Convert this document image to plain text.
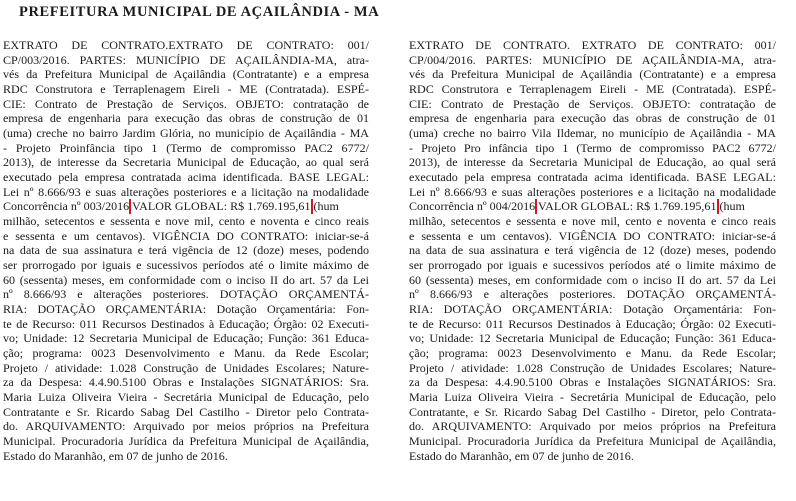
PREFEITURA MUNICIPAL DE AÇAILÂNDIA - MA
EXTRATO DE CONTRATO.EXTRATO DE CONTRATO: 001/
CP/003/2016. PARTES: MUNICÍPIO DE AÇAILÂNDIA-MA, atra-
vés da Prefeitura Municipal de Açailândia (Contratante) e a empresa
RDC Construtora e Terraplenagem Eireli - ME (Contratada). ESPÉ-
CIE: Contrato de Prestação de Serviços. OBJETO: contratação de
empresa de engenharia para execução das obras de construção de 01
(uma) creche no bairro Jardim Glória, no município de Açailândia - MA
- Projeto Proinfância tipo 1 (Termo de compromisso PAC2 6772/
2013), de interesse da Secretaria Municipal de Educação, ao qual será
executado pela empresa contratada acima identificada. BASE LEGAL:
Lei nº 8.666/93 e suas alterações posteriores e a licitação na modalidade
Concorrência nº 003/2016 VALOR GLOBAL: R$ 1.769.195,61 (hum
milhão, setecentos e sessenta e nove mil, cento e noventa e cinco reais
e sessenta e um centavos). VIGÊNCIA DO CONTRATO: iniciar-se-á
na data de sua assinatura e terá vigência de 12 (doze) meses, podendo
ser prorrogado por iguais e sucessivos períodos até o limite máximo de
60 (sessenta) meses, em conformidade com o inciso II do art. 57 da Lei
nº 8.666/93 e alterações posteriores. DOTAÇÃO ORÇAMENTÁ-
RIA: DOTAÇÃO ORÇAMENTÁRIA: Dotação Orçamentária: Fon-
te de Recurso: 011 Recursos Destinados à Educação; Órgão: 02 Executi-
vo; Unidade: 12 Secretaria Municipal de Educação; Função: 361 Educa-
ção; programa: 0023 Desenvolvimento e Manu. da Rede Escolar;
Projeto / atividade: 1.028 Construção de Unidades Escolares; Nature-
za da Despesa: 4.4.90.5100 Obras e Instalações SIGNATÁRIOS: Sra.
Maria Luiza Oliveira Vieira - Secretária Municipal de Educação, pelo
Contratante e Sr. Ricardo Sabag Del Castilho - Diretor pelo Contrata-
do. ARQUIVAMENTO: Arquivado por meios próprios na Prefeitura
Municipal. Procuradoria Jurídica da Prefeitura Municipal de Açailândia,
Estado do Maranhão, em 07 de junho de 2016.
EXTRATO DE CONTRATO. EXTRATO DE CONTRATO: 001/
CP/004/2016. PARTES: MUNICÍPIO DE AÇAILÂNDIA-MA, atra-
vés da Prefeitura Municipal de Açailândia (Contratante) e a empresa
RDC Construtora e Terraplenagem Eireli - ME (Contratada). ESPÉ-
CIE: Contrato de Prestação de Serviços. OBJETO: contratação de
empresa de engenharia para execução das obras de construção de 01
(uma) creche no bairro Vila Ildemar, no município de Açailândia - MA
- Projeto Pro infância tipo 1 (Termo de compromisso PAC2 6772/
2013), de interesse da Secretaria Municipal de Educação, ao qual será
executado pela empresa contratada acima identificada. BASE LEGAL:
Lei nº 8.666/93 e suas alterações posteriores e a licitação na modalidade
Concorrência nº 004/2016 VALOR GLOBAL: R$ 1.769.195,61 (hum
milhão, setecentos e sessenta e nove mil, cento e noventa e cinco reais
e sessenta e um centavos). VIGÊNCIA DO CONTRATO: iniciar-se-á
na data de sua assinatura e terá vigência de 12 (doze) meses, podendo
ser prorrogado por iguais e sucessivos períodos até o limite máximo de
60 (sessenta) meses, em conformidade com o inciso II do art. 57 da Lei
nº 8.666/93 e alterações posteriores. DOTAÇÃO ORÇAMENTÁ-
RIA: DOTAÇÃO ORÇAMENTÁRIA: Dotação Orçamentária: Fon-
te de Recurso: 011 Recursos Destinados à Educação; Órgão: 02 Executi-
vo; Unidade: 12 Secretaria Municipal de Educação; Função: 361 Educa-
ção; programa: 0023 Desenvolvimento e Manu. da Rede Escolar;
Projeto / atividade: 1.028 Construção de Unidades Escolares; Nature-
za da Despesa: 4.4.90.5100 Obras e Instalações SIGNATÁRIOS: Sra.
Maria Luiza Oliveira Vieira - Secretária Municipal de Educação, pelo
Contratante, e Sr. Ricardo Sabag Del Castilho - Diretor, pelo Contrata-
do. ARQUIVAMENTO: Arquivado por meios próprios na Prefeitura
Municipal. Procuradoria Jurídica da Prefeitura Municipal de Açailândia,
Estado do Maranhão, em 07 de junho de 2016.
